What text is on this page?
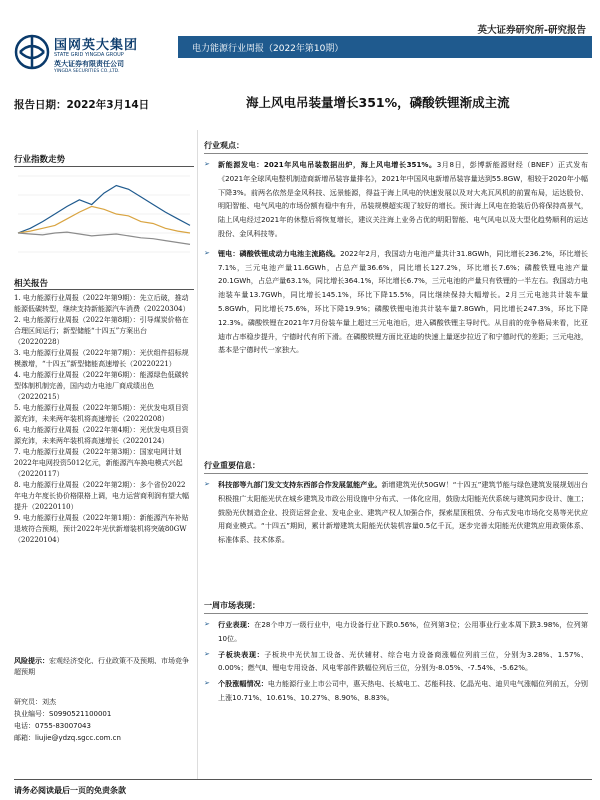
国网英大集团
STATE GRID YINGDA GROUP
英大证券有限责任公司
YINGDA SECURITIES CO.,LTD.
英大证券研究所-研究报告
电力能源行业周报（2022年第10期）
报告日期：2022年3月14日	海上风电吊装量增长351%，磷酸铁锂渐成主流
行业指数走势
相关报告
1. 电力能源行业周报（2022年第9期）：先立后破，推动能源低碳转型，继续支持新能源汽车消费（20220304）
2. 电力能源行业周报（2022年第8期）：引导煤炭价格在合理区间运行；新型储能“十四五”方案出台（20220228）
3. 电力能源行业周报（2022年第7期）：光伏组件招标规模激增，“十四五”新型储能高速增长（20220221）
4. 电力能源行业周报（2022年第6期）：能源绿色低碳转型体制机制完善，国内动力电池厂商成绩出色（20220215）
5. 电力能源行业周报（2022年第5期）：光伏发电项目资源充沛，未来两年装机将高速增长（20220208）
6. 电力能源行业周报（2022年第4期）：光伏发电项目资源充沛，未来两年装机将高速增长（20220124）
7. 电力能源行业周报（2022年第3期）：国家电网计划2022年电网投资5012亿元，新能源汽车换电模式兴起（20220117）
8. 电力能源行业周报（2022年第2期）：多个省份2022年电力年度长协价格限格上调，电力运营商利润有望大幅提升（20220110）
9. 电力能源行业周报（2022年第1期）：新能源汽车补贴退坡符合预期，预计2022年光伏新增装机将突破80GW（20220104）
风险提示：宏观经济变化、行业政策不及预期、市场竞争超预期
研究员：刘杰
执业编号：S0990521100001
电话：0755-83007043
邮箱：liujie@ydzq.sgcc.com.cn
行业观点：
➢ 新能源发电：2021年风电吊装数据出炉，海上风电增长351%。3月8日，彭博新能源财经（BNEF）正式发布《2021年全球风电整机制造商新增吊装容量排名》，2021年中国风电新增吊装容量达到55.8GW，相较于2020年小幅下降3%。前两名依然是金风科技、远景能源，得益于海上风电的快速发展以及对大兆瓦风机的前置布局，运达股份、明阳智能、电气风电的市场份额有稳中有升，吊装规模超实现了较好的增长。预计海上风电在抢装后仍将保持高景气，陆上风电经过2021年的休整后将恢复增长，建议关注海上业务占优的明阳智能、电气风电以及大型化趋势顺利的运达股份、金风科技等。
➢ 锂电：磷酸铁锂成动力电池主流路线。2022年2月，我国动力电池产量共计31.8GWh，同比增长236.2%，环比增长7.1%，三元电池产量11.6GWh，占总产量36.6%，同比增长127.2%，环比增长7.6%；磷酸铁锂电池产量20.1GWh，占总产量63.1%，同比增长364.1%，环比增长6.7%，三元电池的产量只有铁锂的一半左右。我国动力电池装车量13.7GWh，同比增长145.1%，环比下降15.5%，同比继续保持大幅增长。2月三元电池共计装车量5.8GWh，同比增长75.6%，环比下降19.9%；磷酸铁锂电池共计装车量7.8GWh，同比增长247.3%，环比下降12.3%。磷酸铁锂在2021年7月份装车量上超过三元电池后，进入磷酸铁锂主导时代。从目前的竞争格局来看，比亚迪市占率稳步提升，宁德时代有所下滑。在磷酸铁锂方面比亚迪的快速上量逐步拉近了和宁德时代的差距；三元电池，基本是宁德时代一家独大。
行业重要信息：
➢ 科技部等九部门发文支持东西部合作发展氢能产业。新增建筑光伏50GW！“十四五”建筑节能与绿色建筑发展规划出台积极推广太阳能光伏在城乡建筑及市政公用设施中分布式、一体化应用，鼓励太阳能光伏系统与建筑同步设计、施工；鼓励光伏制造企业、投资运营企业、发电企业、建筑产权人加强合作，探索屋顶租赁、分布式发电市场化交易等光伏应用商业模式。“十四五”期间，累计新增建筑太阳能光伏装机容量0.5亿千瓦，逐步完善太阳能光伏建筑应用政策体系、标准体系、技术体系。
一周市场表现：
➢ 行业表现：在28个申万一级行业中，电力设备行业下跌0.56%，位列第3位；公用事业行业本周下跌3.98%，位列第10位。
➢ 子板块表现：子板块中光伏加工设备、光伏辅材、综合电力设备商涨幅位列前三位，分别为3.28%、1.57%、0.00%；燃气Ⅱ、锂电专用设备、风电零部件跌幅位列后三位，分别为-8.05%、-7.54%、-5.62%。
➢ 个股涨幅情况：电力能源行业上市公司中，惠天热电、长城电工、芯能科技、亿晶光电、迪贝电气涨幅位列前五，分别上涨10.71%、10.61%、10.27%、8.90%、8.83%。
请务必阅读最后一页的免责条款
